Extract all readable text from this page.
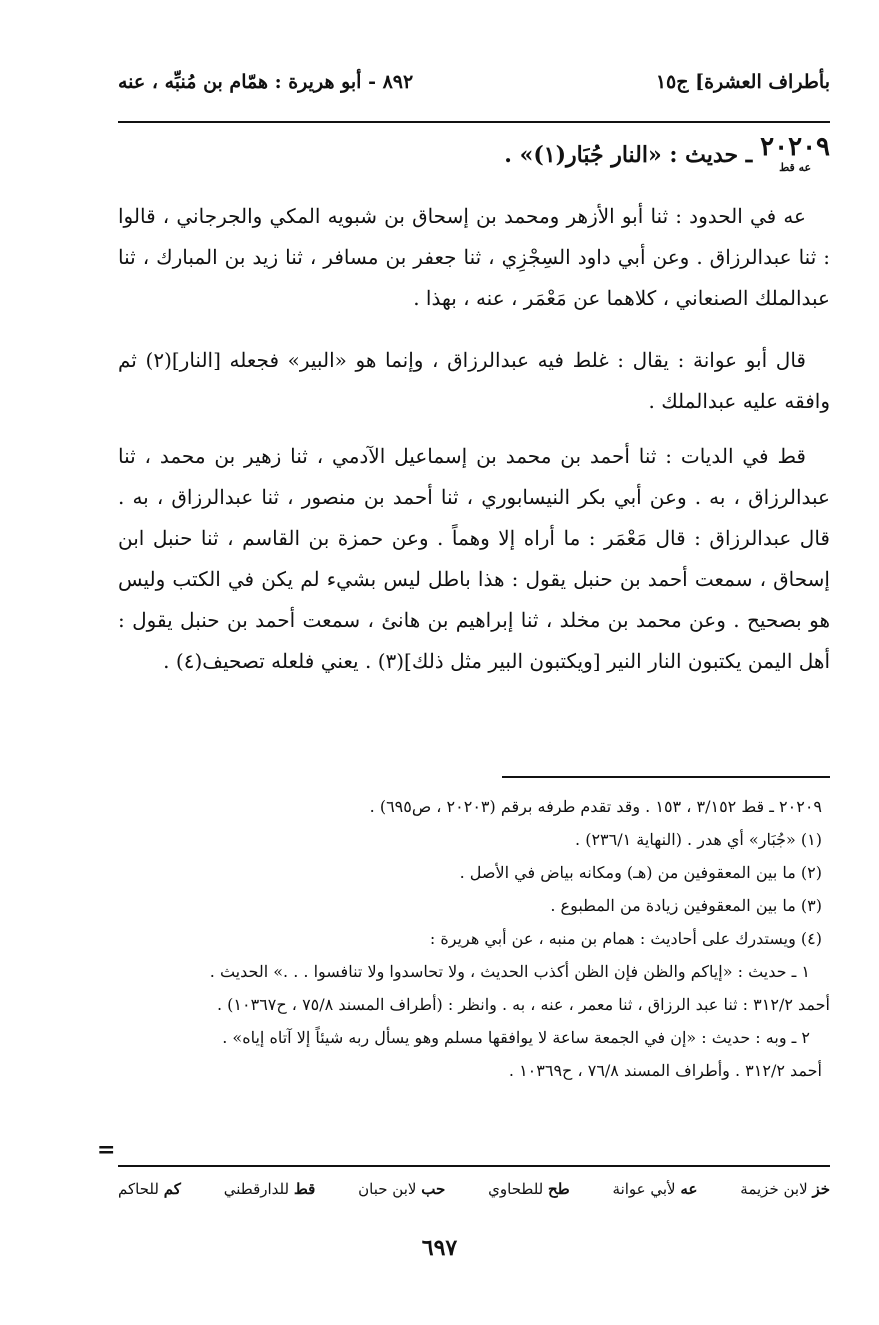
بأطراف العشرة] ج١٥
٨٩٢ - أبو هريرة : همّام بن مُنبِّه ، عنه
٢٠٢٠٩
عه قط
ـ حديث : «النار جُبَار(١)» .

عه في الحدود : ثنا أبو الأزهر ومحمد بن إسحاق بن شبويه المكي والجرجاني ، قالوا : ثنا عبدالرزاق . وعن أبي داود السِجْزِي ، ثنا جعفر بن مسافر ، ثنا زيد بن المبارك ، ثنا عبدالملك الصنعاني ، كلاهما عن مَعْمَر ، عنه ، بهذا .

قال أبو عوانة : يقال : غلط فيه عبدالرزاق ، وإنما هو «البير» فجعله [النار](٢) ثم وافقه عليه عبدالملك .

قط في الديات : ثنا أحمد بن محمد بن إسماعيل الآدمي ، ثنا زهير بن محمد ، ثنا عبدالرزاق ، به . وعن أبي بكر النيسابوري ، ثنا أحمد بن منصور ، ثنا عبدالرزاق ، به . قال عبدالرزاق : قال مَعْمَر : ما أراه إلا وهماً . وعن حمزة بن القاسم ، ثنا حنبل ابن إسحاق ، سمعت أحمد بن حنبل يقول : هذا باطل ليس بشيء لم يكن في الكتب وليس هو بصحيح . وعن محمد بن مخلد ، ثنا إبراهيم بن هانئ ، سمعت أحمد بن حنبل يقول : أهل اليمن يكتبون النار النير [ويكتبون البير مثل ذلك](٣) . يعني فلعله تصحيف(٤) .

٢٠٢٠٩ ـ قط ٣/١٥٢ ، ١٥٣ . وقد تقدم طرفه برقم (٢٠٢٠٣ ، ص٦٩٥) .

(١) «جُبَار» أي هدر . (النهاية ٢٣٦/١) .

(٢) ما بين المعقوفين من (هـ) ومكانه بياض في الأصل .

(٣) ما بين المعقوفين زيادة من المطبوع .

(٤) ويستدرك على أحاديث : همام بن منبه ، عن أبي هريرة :

١ ـ حديث : «إياكم والظن فإن الظن أكذب الحديث ، ولا تحاسدوا ولا تنافسوا . . .» الحديث .

أحمد ٣١٢/٢ : ثنا عبد الرزاق ، ثنا معمر ، عنه ، به . وانظر : (أطراف المسند ٧٥/٨ ، ح١٠٣٦٧) .

٢ ـ وبه : حديث : «إن في الجمعة ساعة لا يوافقها مسلم وهو يسأل ربه شيئاً إلا آتاه إياه» .

أحمد ٣١٢/٢ . وأطراف المسند ٧٦/٨ ، ح١٠٣٦٩ .

=
خز لابن خزيمة
عه لأبي عوانة
طح للطحاوي
حب لابن حبان
قط للدارقطني
كم للحاكم
٦٩٧
